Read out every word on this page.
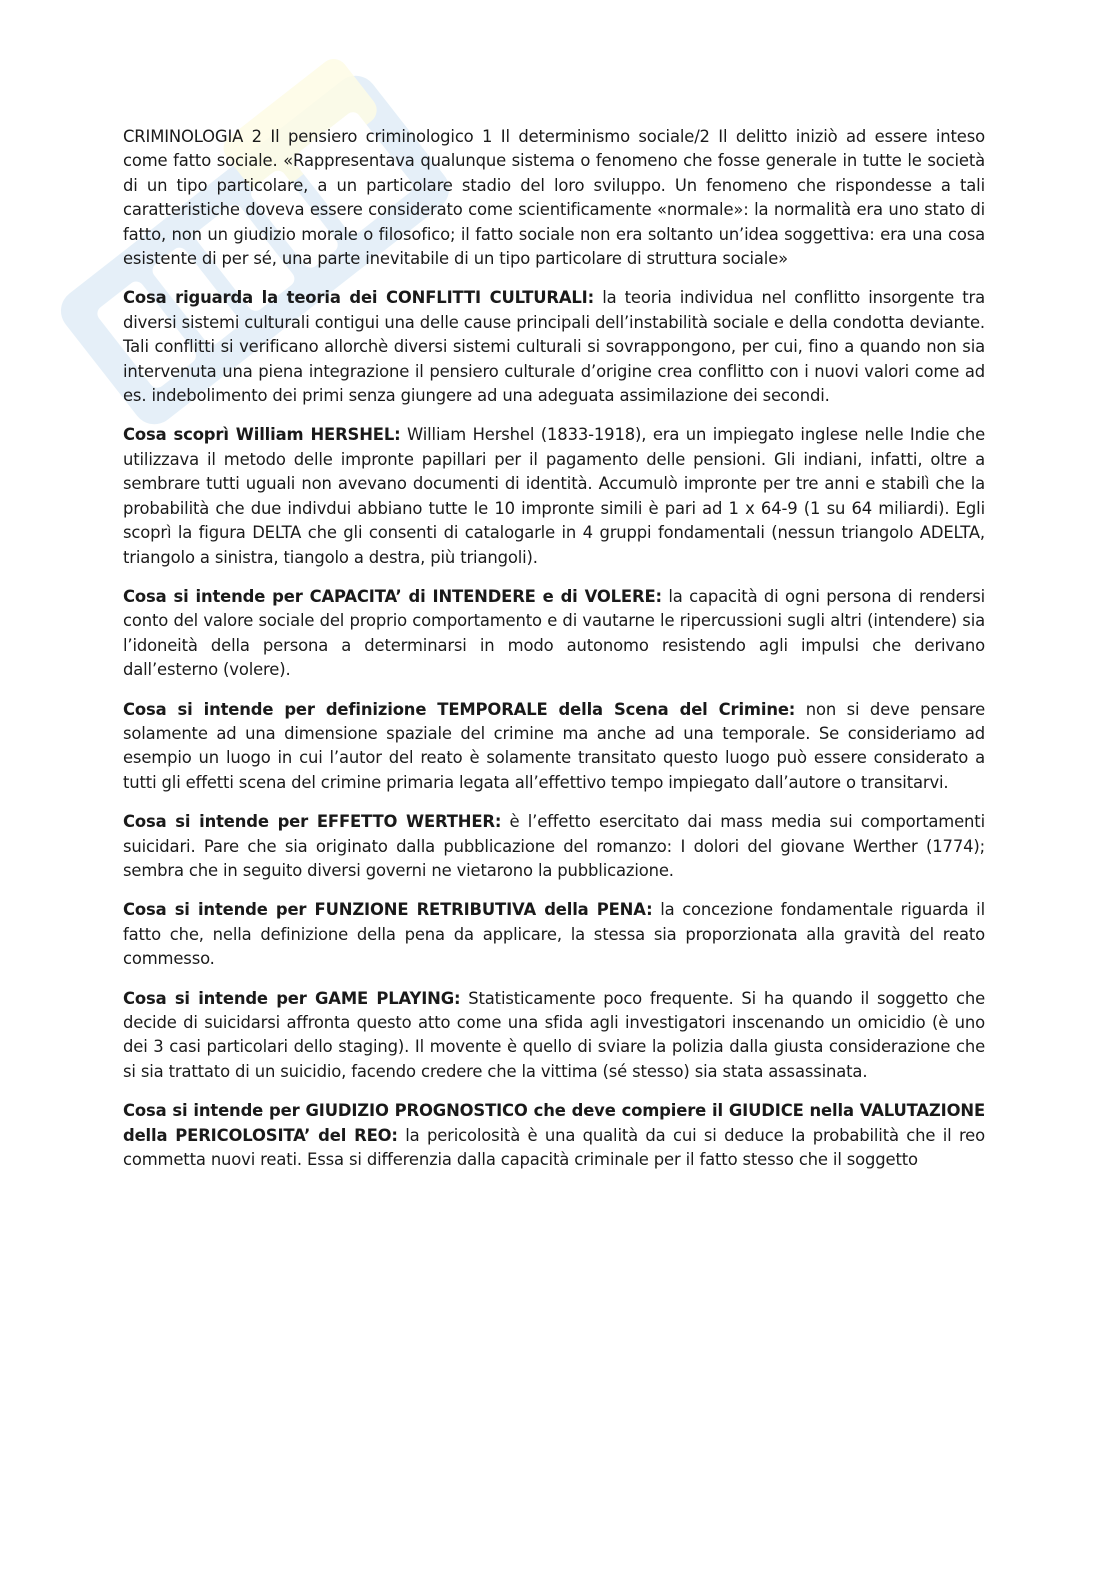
CRIMINOLOGIA 2 Il pensiero criminologico 1 Il determinismo sociale/2 Il delitto iniziò ad essere inteso come fatto sociale. «Rappresentava qualunque sistema o fenomeno che fosse generale in tutte le società di un tipo particolare, a un particolare stadio del loro sviluppo. Un fenomeno che rispondesse a tali caratteristiche doveva essere considerato come scientificamente «normale»: la normalità era uno stato di fatto, non un giudizio morale o filosofico; il fatto sociale non era soltanto un’idea soggettiva: era una cosa esistente di per sé, una parte inevitabile di un tipo particolare di struttura sociale»

Cosa riguarda la teoria dei CONFLITTI CULTURALI: la teoria individua nel conflitto insorgente tra diversi sistemi culturali contigui una delle cause principali dell’instabilità sociale e della condotta deviante. Tali conflitti si verificano allorchè diversi sistemi culturali si sovrappongono, per cui, fino a quando non sia intervenuta una piena integrazione il pensiero culturale d’origine crea conflitto con i nuovi valori come ad es. indebolimento dei primi senza giungere ad una adeguata assimilazione dei secondi.

Cosa scoprì William HERSHEL: William Hershel (1833-1918), era un impiegato inglese nelle Indie che utilizzava il metodo delle impronte papillari per il pagamento delle pensioni. Gli indiani, infatti, oltre a sembrare tutti uguali non avevano documenti di identità. Accumulò impronte per tre anni e stabilì che la probabilità che due indivdui abbiano tutte le 10 impronte simili è pari ad 1 x 64-9 (1 su 64 miliardi). Egli scoprì la figura DELTA che gli consenti di catalogarle in 4 gruppi fondamentali (nessun triangolo ADELTA, triangolo a sinistra, tiangolo a destra, più triangoli).

Cosa si intende per CAPACITA’ di INTENDERE e di VOLERE: la capacità di ogni persona di rendersi conto del valore sociale del proprio comportamento e di vautarne le ripercussioni sugli altri (intendere) sia l’idoneità della persona a determinarsi in modo autonomo resistendo agli impulsi che derivano dall’esterno (volere).

Cosa si intende per definizione TEMPORALE della Scena del Crimine: non si deve pensare solamente ad una dimensione spaziale del crimine ma anche ad una temporale. Se consideriamo ad esempio un luogo in cui l’autor del reato è solamente transitato questo luogo può essere considerato a tutti gli effetti scena del crimine primaria legata all’effettivo tempo impiegato dall’autore o transitarvi.

Cosa si intende per EFFETTO WERTHER: è l’effetto esercitato dai mass media sui comportamenti suicidari. Pare che sia originato dalla pubblicazione del romanzo: I dolori del giovane Werther (1774); sembra che in seguito diversi governi ne vietarono la pubblicazione.

Cosa si intende per FUNZIONE RETRIBUTIVA della PENA: la concezione fondamentale riguarda il fatto che, nella definizione della pena da applicare, la stessa sia proporzionata alla gravità del reato commesso.

Cosa si intende per GAME PLAYING: Statisticamente poco frequente. Si ha quando il soggetto che decide di suicidarsi affronta questo atto come una sfida agli investigatori inscenando un omicidio (è uno dei 3 casi particolari dello staging). Il movente è quello di sviare la polizia dalla giusta considerazione che si sia trattato di un suicidio, facendo credere che la vittima (sé stesso) sia stata assassinata.

Cosa si intende per GIUDIZIO PROGNOSTICO che deve compiere il GIUDICE nella VALUTAZIONE della PERICOLOSITA’ del REO: la pericolosità è una qualità da cui si deduce la probabilità che il reo commetta nuovi reati. Essa si differenzia dalla capacità criminale per il fatto stesso che il soggetto
